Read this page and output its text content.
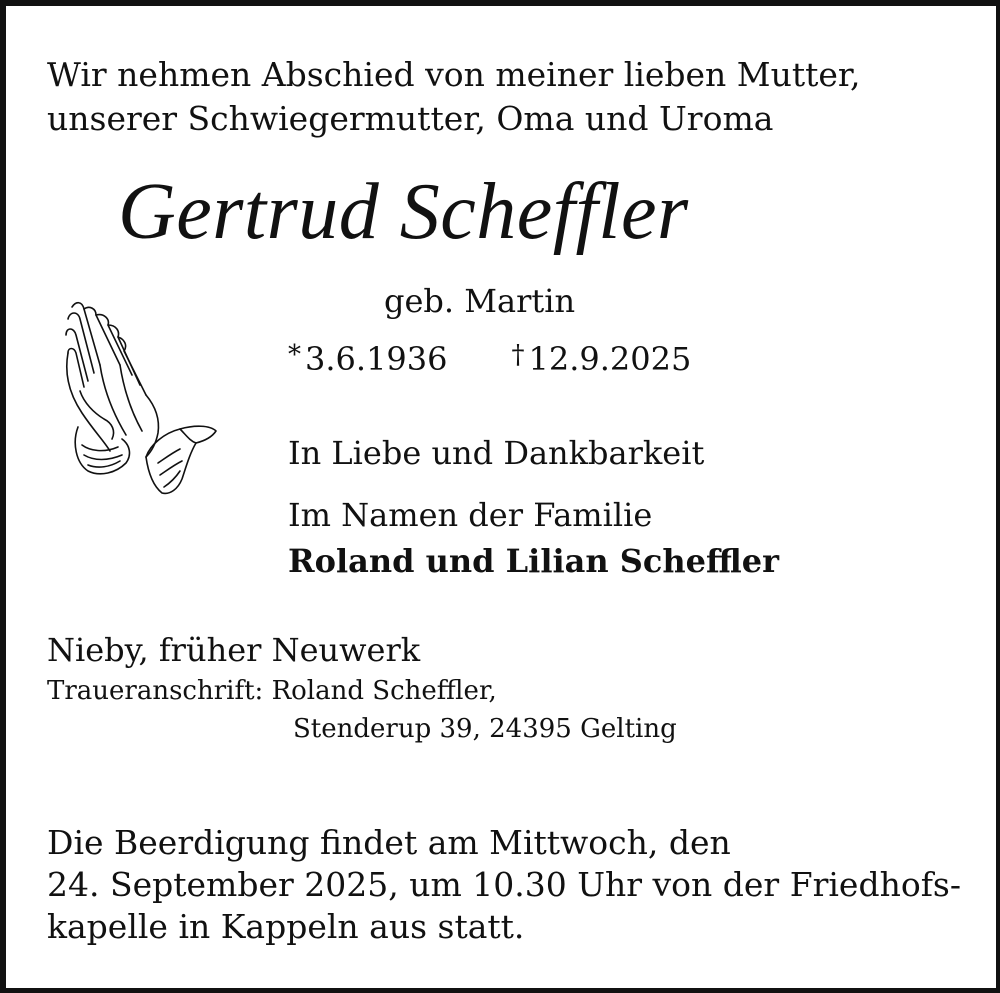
Wir nehmen Abschied von meiner lieben Mutter,
unserer Schwiegermutter, Oma und Uroma
Gertrud Scheffler
geb. Martin
* 3.6.1936 † 12.9.2025
In Liebe und Dankbarkeit
Im Namen der Familie
Roland und Lilian Scheffler
Nieby, früher Neuwerk
Traueranschrift: Roland Scheffler,
Stenderup 39, 24395 Gelting
Die Beerdigung findet am Mittwoch, den
24. September 2025, um 10.30 Uhr von der Friedhofs-
kapelle in Kappeln aus statt.
